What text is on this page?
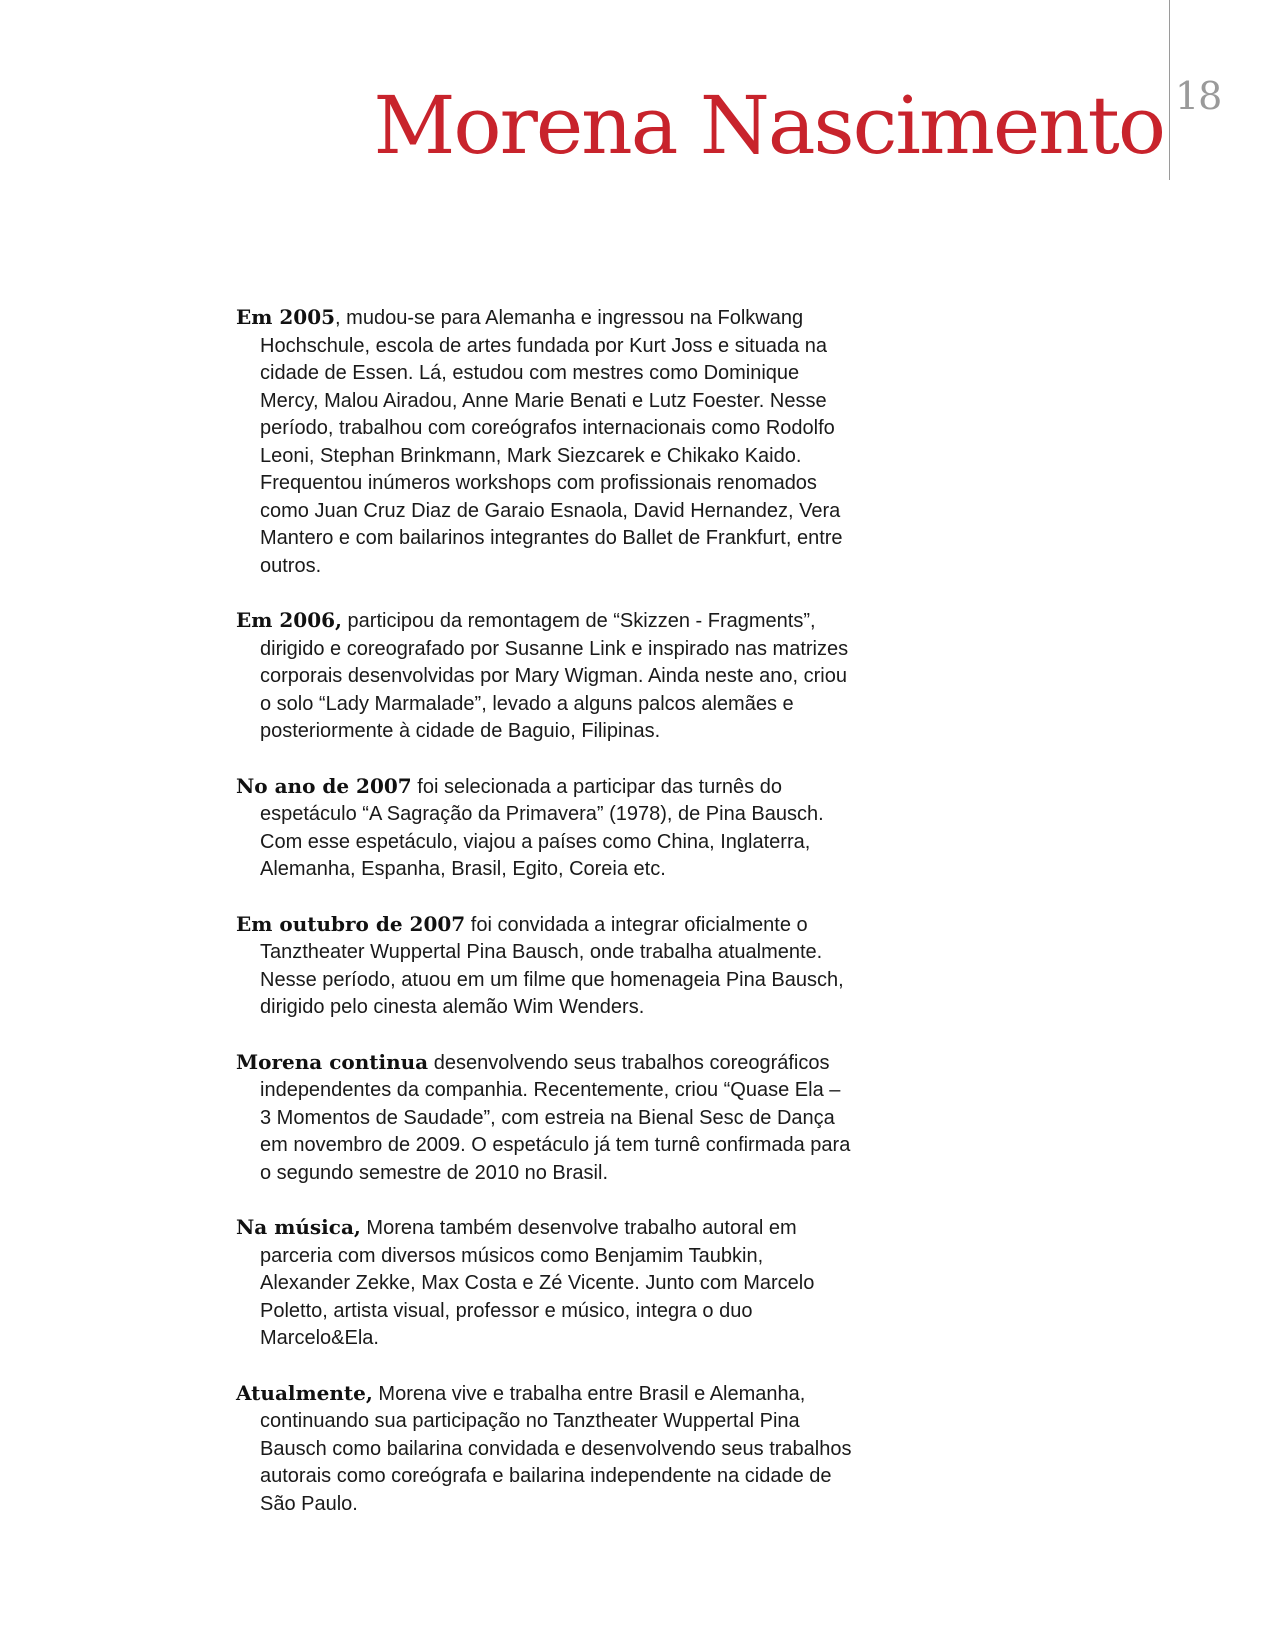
18
Morena Nascimento

Em 2005, mudou-se para Alemanha e ingressou na Folkwang Hochschule, escola de artes fundada por Kurt Joss e situada na cidade de Essen. Lá, estudou com mestres como Dominique Mercy, Malou Airadou, Anne Marie Benati e Lutz Foester. Nesse período, trabalhou com coreógrafos internacionais como Rodolfo Leoni, Stephan Brinkmann, Mark Siezcarek e Chikako Kaido. Frequentou inúmeros workshops com profissionais renomados como Juan Cruz Diaz de Garaio Esnaola, David Hernandez, Vera Mantero e com bailarinos integrantes do Ballet de Frankfurt, entre outros.

Em 2006, participou da remontagem de “Skizzen - Fragments”, dirigido e coreografado por Susanne Link e inspirado nas matrizes corporais desenvolvidas por Mary Wigman. Ainda neste ano, criou o solo “Lady Marmalade”, levado a alguns palcos alemães e posteriormente à cidade de Baguio, Filipinas.

No ano de 2007 foi selecionada a participar das turnês do espetáculo “A Sagração da Primavera” (1978), de Pina Bausch. Com esse espetáculo, viajou a países como China, Inglaterra, Alemanha, Espanha, Brasil, Egito, Coreia etc.

Em outubro de 2007 foi convidada a integrar oficialmente o Tanztheater Wuppertal Pina Bausch, onde trabalha atualmente. Nesse período, atuou em um filme que homenageia Pina Bausch, dirigido pelo cinesta alemão Wim Wenders.

Morena continua desenvolvendo seus trabalhos coreográficos independentes da companhia. Recentemente, criou “Quase Ela – 3 Momentos de Saudade”, com estreia na Bienal Sesc de Dança em novembro de 2009. O espetáculo já tem turnê confirmada para o segundo semestre de 2010 no Brasil.

Na música, Morena também desenvolve trabalho autoral em parceria com diversos músicos como Benjamim Taubkin, Alexander Zekke, Max Costa e Zé Vicente. Junto com Marcelo Poletto, artista visual, professor e músico, integra o duo Marcelo&Ela.

Atualmente, Morena vive e trabalha entre Brasil e Alemanha, continuando sua participação no Tanztheater Wuppertal Pina Bausch como bailarina convidada e desenvolvendo seus trabalhos autorais como coreógrafa e bailarina independente na cidade de São Paulo.
